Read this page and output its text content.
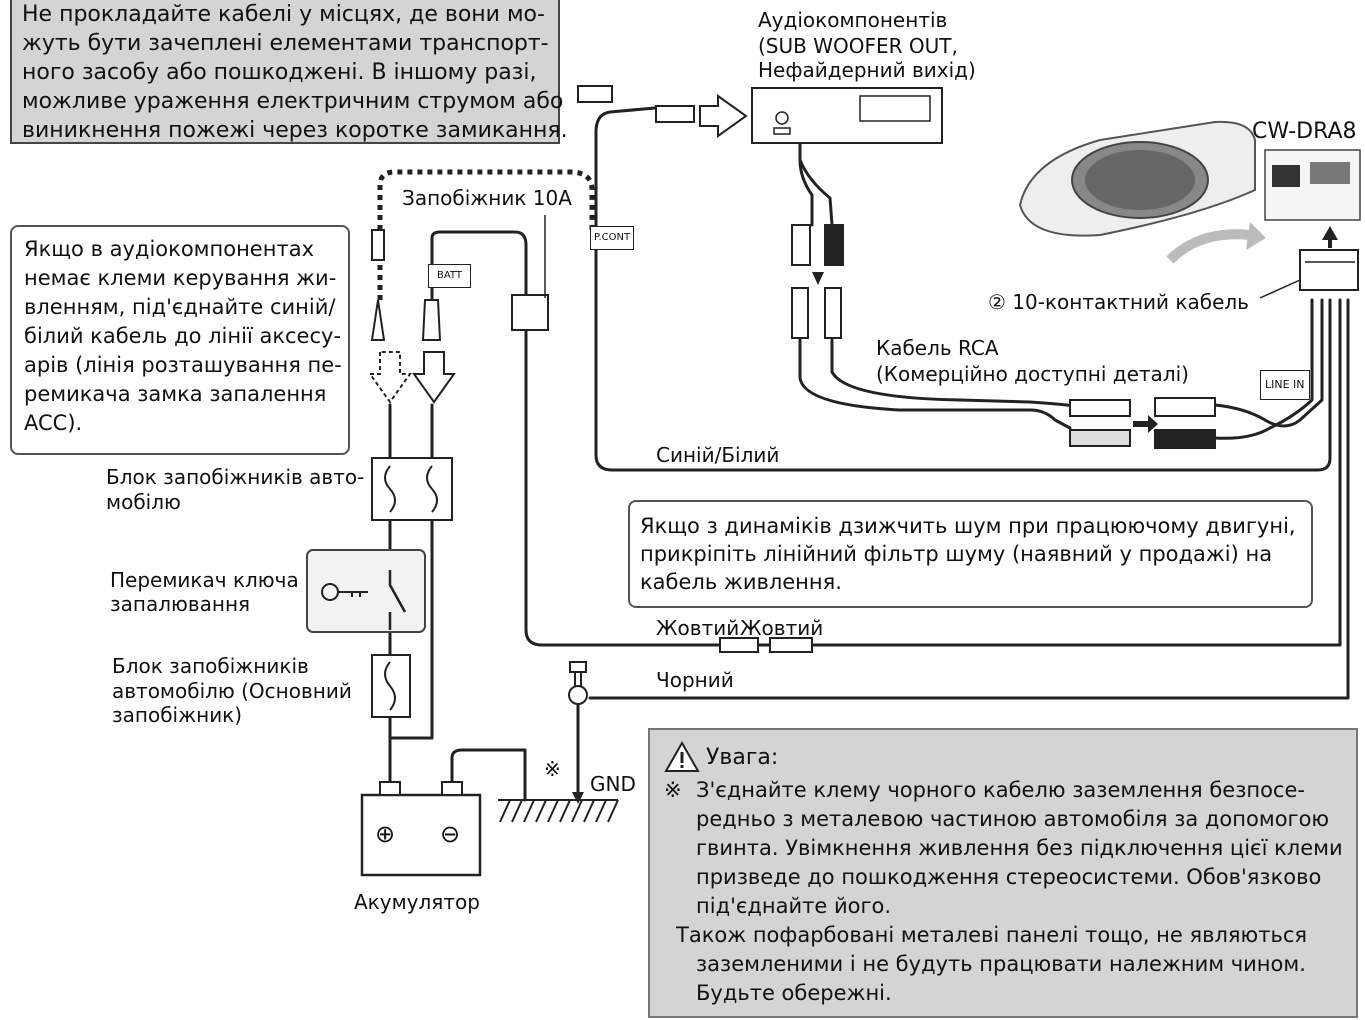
Не прокладайте кабелі у місцях, де вони мо-
жуть бути зачеплені елементами транспорт-
ного засобу або пошкоджені. В іншому разі,
можливе ураження електричним струмом або
виникнення пожежі через коротке замикання.
Якщо в аудіокомпонентах
немає клеми керування жи-
вленням, під'єднайте синій/
білий кабель до лінії аксесу-
арів (лінія розташування пе-
ремикача замка запалення
ACC).
Якщо з динаміків дзижчить шум при працюючому двигуні,
прикріпіть лінійний фільтр шуму (наявний у продажі) на
кабель живлення.
Увага:
※ З'єднайте клему чорного кабелю заземлення безпосе-
редньо з металевою частиною автомобіля за допомогою
гвинта. Увімкнення живлення без підключення цієї клеми
призведе до пошкодження стереосистеми. Обов'язково
під'єднайте його.
Також пофарбовані металеві панелі тощо, не являються
заземленими і не будуть працювати належним чином.
Будьте обережні.
Аудіокомпонентів
(SUB WOOFER OUT,
Нефайдерний вихід)
CW-DRA8
② 10-контактний кабель
Кабель RCA
(Комерційно доступні деталі)
Синій/Білий
Запобіжник 10A
P.CONT
BATT
LINE IN
Блок запобіжників авто-
мобілю
Перемикач ключа
запалювання
Блок запобіжників
автомобілю (Основний
запобіжник)
Жовтий Жовтий
Чорний
GND
※
Акумулятор
⊕ ⊖
